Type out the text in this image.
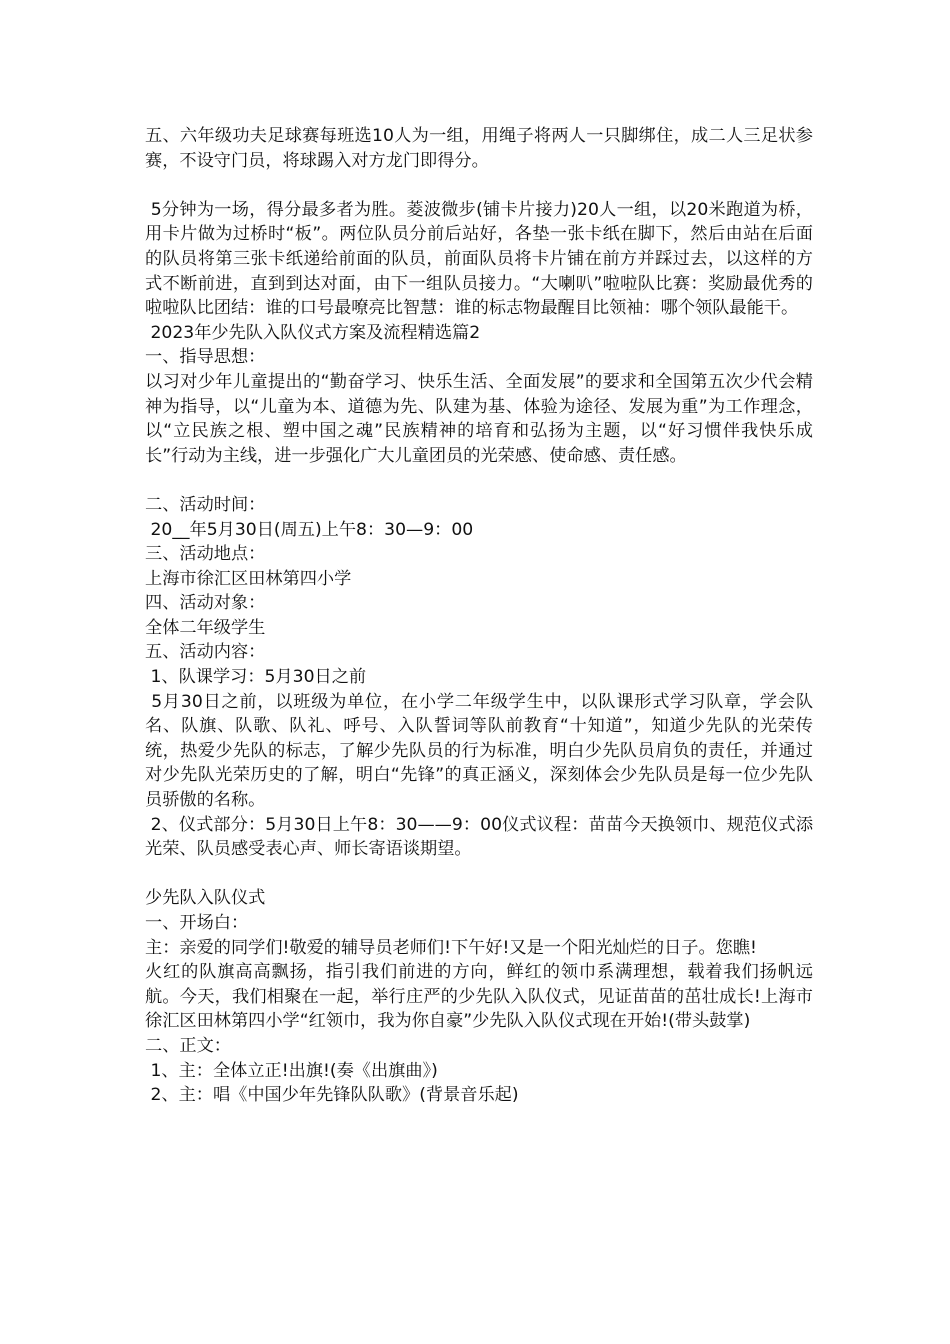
五、六年级功夫足球赛每班选10人为一组，用绳子将两人一只脚绑住，成二人三足状参赛，不设守门员，将球踢入对方龙门即得分。
5分钟为一场，得分最多者为胜。菱波微步(铺卡片接力)20人一组，以20米跑道为桥，用卡片做为过桥时“板”。两位队员分前后站好，各垫一张卡纸在脚下，然后由站在后面的队员将第三张卡纸递给前面的队员，前面队员将卡片铺在前方并踩过去，以这样的方式不断前进，直到到达对面，由下一组队员接力。“大喇叭”啦啦队比赛：奖励最优秀的啦啦队比团结：谁的口号最嘹亮比智慧：谁的标志物最醒目比领袖：哪个领队最能干。
2023年少先队入队仪式方案及流程精选篇2
一、指导思想：
以习对少年儿童提出的“勤奋学习、快乐生活、全面发展”的要求和全国第五次少代会精神为指导，以“儿童为本、道德为先、队建为基、体验为途径、发展为重”为工作理念，以“立民族之根、塑中国之魂”民族精神的培育和弘扬为主题，以“好习惯伴我快乐成长”行动为主线，进一步强化广大儿童团员的光荣感、使命感、责任感。
二、活动时间：
20__年5月30日(周五)上午8：30—9：00
三、活动地点：
上海市徐汇区田林第四小学
四、活动对象：
全体二年级学生
五、活动内容：
1、队课学习：5月30日之前
5月30日之前，以班级为单位，在小学二年级学生中，以队课形式学习队章，学会队名、队旗、队歌、队礼、呼号、入队誓词等队前教育“十知道”，知道少先队的光荣传统，热爱少先队的标志，了解少先队员的行为标准，明白少先队员肩负的责任，并通过对少先队光荣历史的了解，明白“先锋”的真正涵义，深刻体会少先队员是每一位少先队员骄傲的名称。
2、仪式部分：5月30日上午8：30——9：00仪式议程：苗苗今天换领巾、规范仪式添光荣、队员感受表心声、师长寄语谈期望。
少先队入队仪式
一、开场白：
主：亲爱的同学们!敬爱的辅导员老师们!下午好!又是一个阳光灿烂的日子。您瞧!
火红的队旗高高飘扬，指引我们前进的方向，鲜红的领巾系满理想，载着我们扬帆远航。今天，我们相聚在一起，举行庄严的少先队入队仪式，见证苗苗的茁壮成长!上海市徐汇区田林第四小学“红领巾，我为你自豪”少先队入队仪式现在开始!(带头鼓掌)
二、正文：
1、主：全体立正!出旗!(奏《出旗曲》)
2、主：唱《中国少年先锋队队歌》(背景音乐起)
